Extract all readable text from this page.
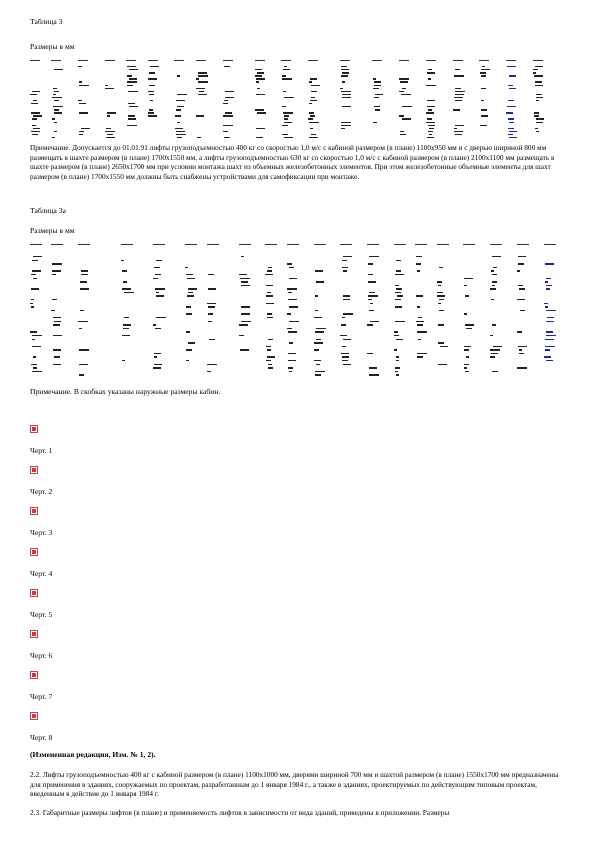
Таблица 3
Размеры в мм
Примечание. Допускается до 01.01.91 лифты грузоподъемностью 400 кг со скоростью 1,0 м/с с кабиной размером (в плане) 1100х950 мм и с дверью шириной 800 мм размещать в шахте размером (в плане) 1700х1550 мм, а лифты грузоподъемностью 630 кг со скоростью 1,0 м/с с кабиной размером (в плане) 2100х1100 мм размещать в шахте размером (в плане) 2650х1700 мм при условии монтажа шахт из объемных железобетонных элементов. При этом железобетонные объемные элементы для шахт размером (в плане) 1700х1550 мм должны быть снабжены устройствами для самофиксации при монтаже.
Таблица 3а
Размеры в мм
Примечание. В скобках указаны наружные размеры кабин.
Черт. 1
Черт. 2
Черт. 3
Черт. 4
Черт. 5
Черт. 6
Черт. 7
Черт. 8
(Измененная редакция, Изм. № 1, 2).
2.2. Лифты грузоподъемностью 400 кг с кабиной размером (в плане) 1100х1000 мм, дверями шириной 700 мм и шахтой размером (в плане) 1550х1700 мм предназначены для применения в зданиях, сооружаемых по проектам, разработанным до 1 января 1984 г., а также в зданиях, проектируемых по действующим типовым проектам, введенным в действие до 1 января 1984 г.
2.3. Габаритные размеры лифтов (в плане) и применяемость лифтов в зависимости от вида зданий, приведены в приложении. Размеры
